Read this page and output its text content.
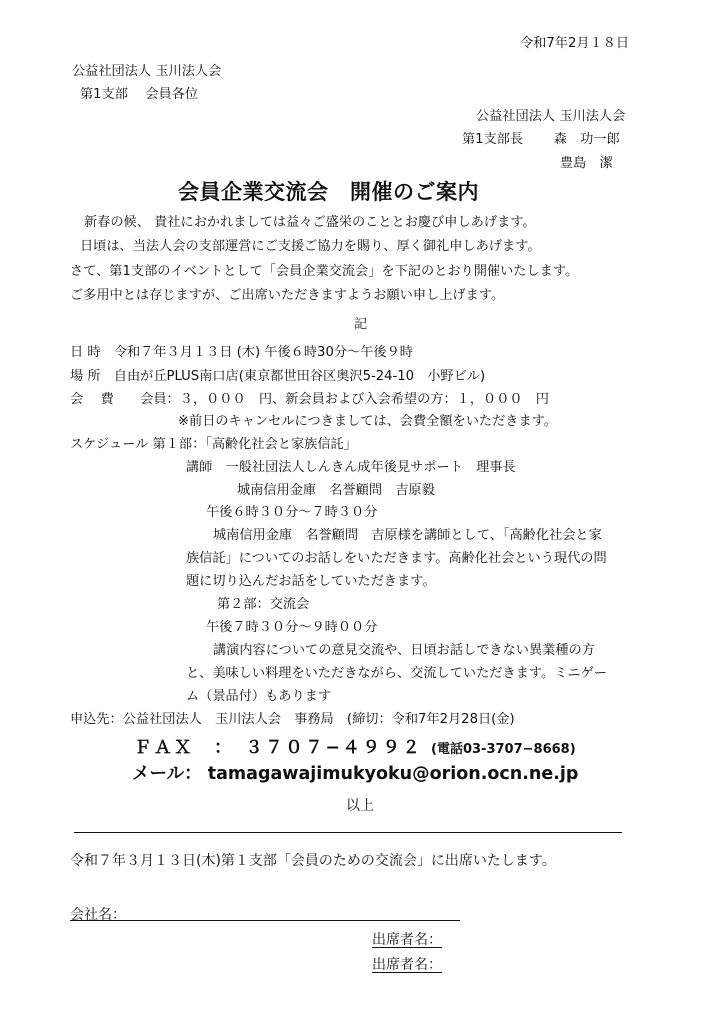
令和7年2月１８日
公益社団法人 玉川法人会
第1支部　 会員各位
公益社団法人 玉川法人会
第1支部長　　 森　功一郎
豊島　潔
会員企業交流会　開催のご案内
新春の候、 貴社におかれましては益々ご盛栄のこととお慶び申しあげます。
日頃は、当法人会の支部運営にご支援ご協力を賜り、厚く御礼申しあげます。
さて、第1支部のイベントとして「会員企業交流会」を下記のとおり開催いたします。
ご多用中とは存じますが、ご出席いただきますようお願い申し上げます。
記
日 時　令和７年３月１３日 (木) 午後６時30分〜午後９時
場 所　自由が丘PLUS南口店(東京都世田谷区奥沢5-24-10　小野ビル)
会　 費　　会員：３，０００　円、新会員および入会希望の方：１，０００　円
※前日のキャンセルにつきましては、会費全額をいただきます。
スケジュール 第１部：「高齢化社会と家族信託」
講師　一般社団法人しんきん成年後見サポート　理事長
城南信用金庫　名誉顧問　吉原毅
午後６時３０分〜７時３０分
城南信用金庫　名誉顧問　吉原様を講師として、「高齢化社会と家
族信託」についてのお話しをいただきます。高齢化社会という現代の問
題に切り込んだお話をしていただきます。
第２部：交流会
午後７時３０分〜９時００分
講演内容についての意見交流や、日頃お話しできない異業種の方
と、美味しい料理をいただきながら、交流していただきます。ミニゲー
ム（景品付）もあります
申込先：公益社団法人　玉川法人会　事務局　(締切：令和7年2月28日(金)
ＦＡＸ　：　３７０７−４９９２ (電話03-3707−8668)
メール： tamagawajimukyoku@orion.ocn.ne.jp
以上
令和７年３月１３日(木)第１支部「会員のための交流会」に出席いたします。
会社名：
出席者名：
出席者名：
